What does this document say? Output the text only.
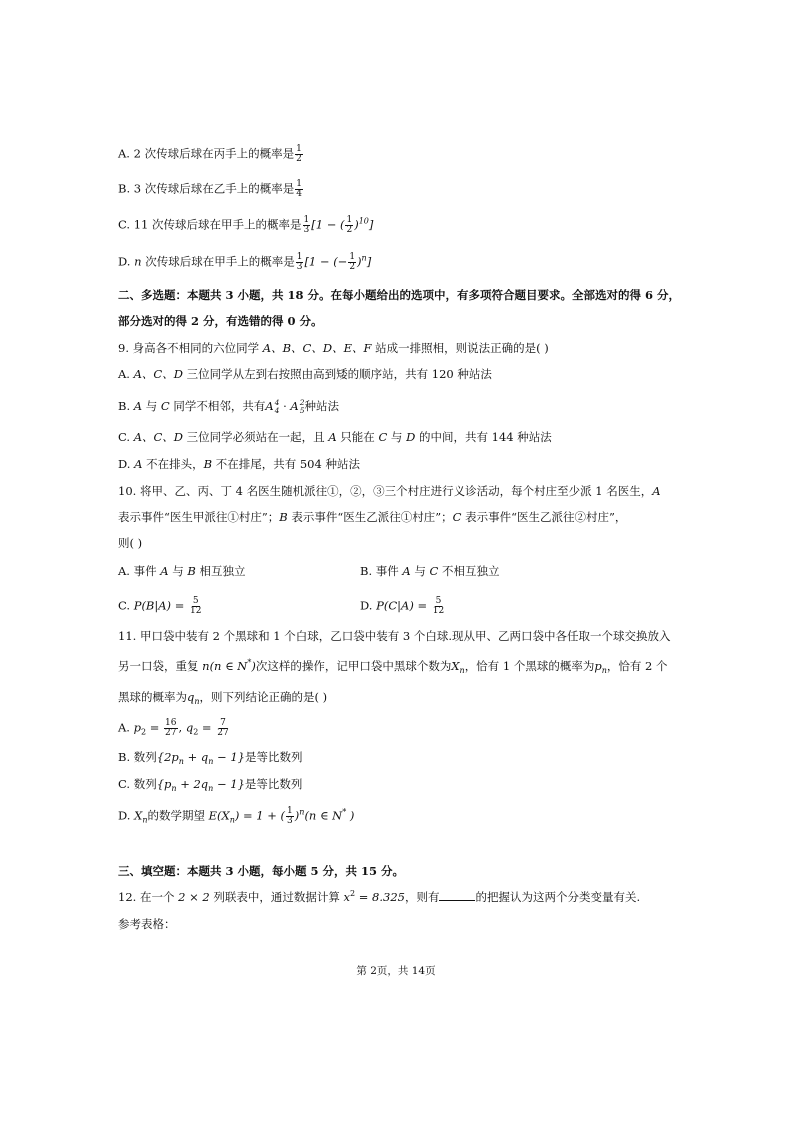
A. 2 次传球后球在丙手上的概率是 $\frac{1}{2}$
B. 3 次传球后球在乙手上的概率是 $\frac{1}{4}$
C. 11 次传球后球在甲手上的概率是 $\frac{1}{3} [1$ − ( $\frac{1}{2} )^{10}$]
D. n 次传球后球在甲手上的概率是 $\frac{1}{3} [1$ − (− $\frac{1}{2} )^n$]
二、多选题：本题共 3 小题，共 18 分。在每小题给出的选项中，有多项符合题目要求。全部选对的得 6 分，
部分选对的得 2 分，有选错的得 0 分。
9. 身高各不相同的六位同学 A、B、C、D、E、F 站成一排照相，则说法正确的是( )
A. A、C、D 三位同学从左到右按照由高到矮的顺序站，共有 120 种站法
B. A 与 C 同学不相邻，共有A 4
4 · A 2
5 种站法
C. A、C、D 三位同学必须站在一起，且 A 只能在 C 与 D 的中间，共有 144 种站法
D. A 不在排头，B 不在排尾，共有 504 种站法
10. 将甲、乙、丙、丁 4 名医生随机派往①，②，③三个村庄进行义诊活动，每个村庄至少派 1 名医生，A
表示事件“医生甲派往①村庄”；B 表示事件“医生乙派往①村庄”；C 表示事件“医生乙派往②村庄”，
则( )
A. 事件 A 与 B 相互独立	B. 事件 A 与 C 不相互独立
C. $P(B|A) = \frac{5}{12}$	D. $P(C|A) = \frac{5}{12}$
11. 甲口袋中装有 2 个黑球和 1 个白球，乙口袋中装有 3 个白球.现从甲、乙两口袋中各任取一个球交换放入
另一口袋，重复 n(n ∈ N*)次这样的操作，记甲口袋中黑球个数为$X_n$，恰有 1 个黑球的概率为$p_n$，恰有 2 个
黑球的概率为$q_n$，则下列结论正确的是( )
A. $p_2 = \frac{16}{27}$ , $q_2 = \frac{7}{27}$
B. 数列$\{2p_n + q_n - 1\}$是等比数列
C. 数列$\{p_n + 2q_n - 1\}$是等比数列
D. $X_n$的数学期望 $E(X_n) = 1$ + ( $\frac{1}{3} )^n(n$ ∈ N* )
三、填空题：本题共 3 小题，每小题 5 分，共 15 分。
12. 在一个 2 × 2 列联表中，通过数据计算 $x^2 = 8.325$，则有	的把握认为这两个分类变量有关.
参考表格：
第 2页，共 14页
